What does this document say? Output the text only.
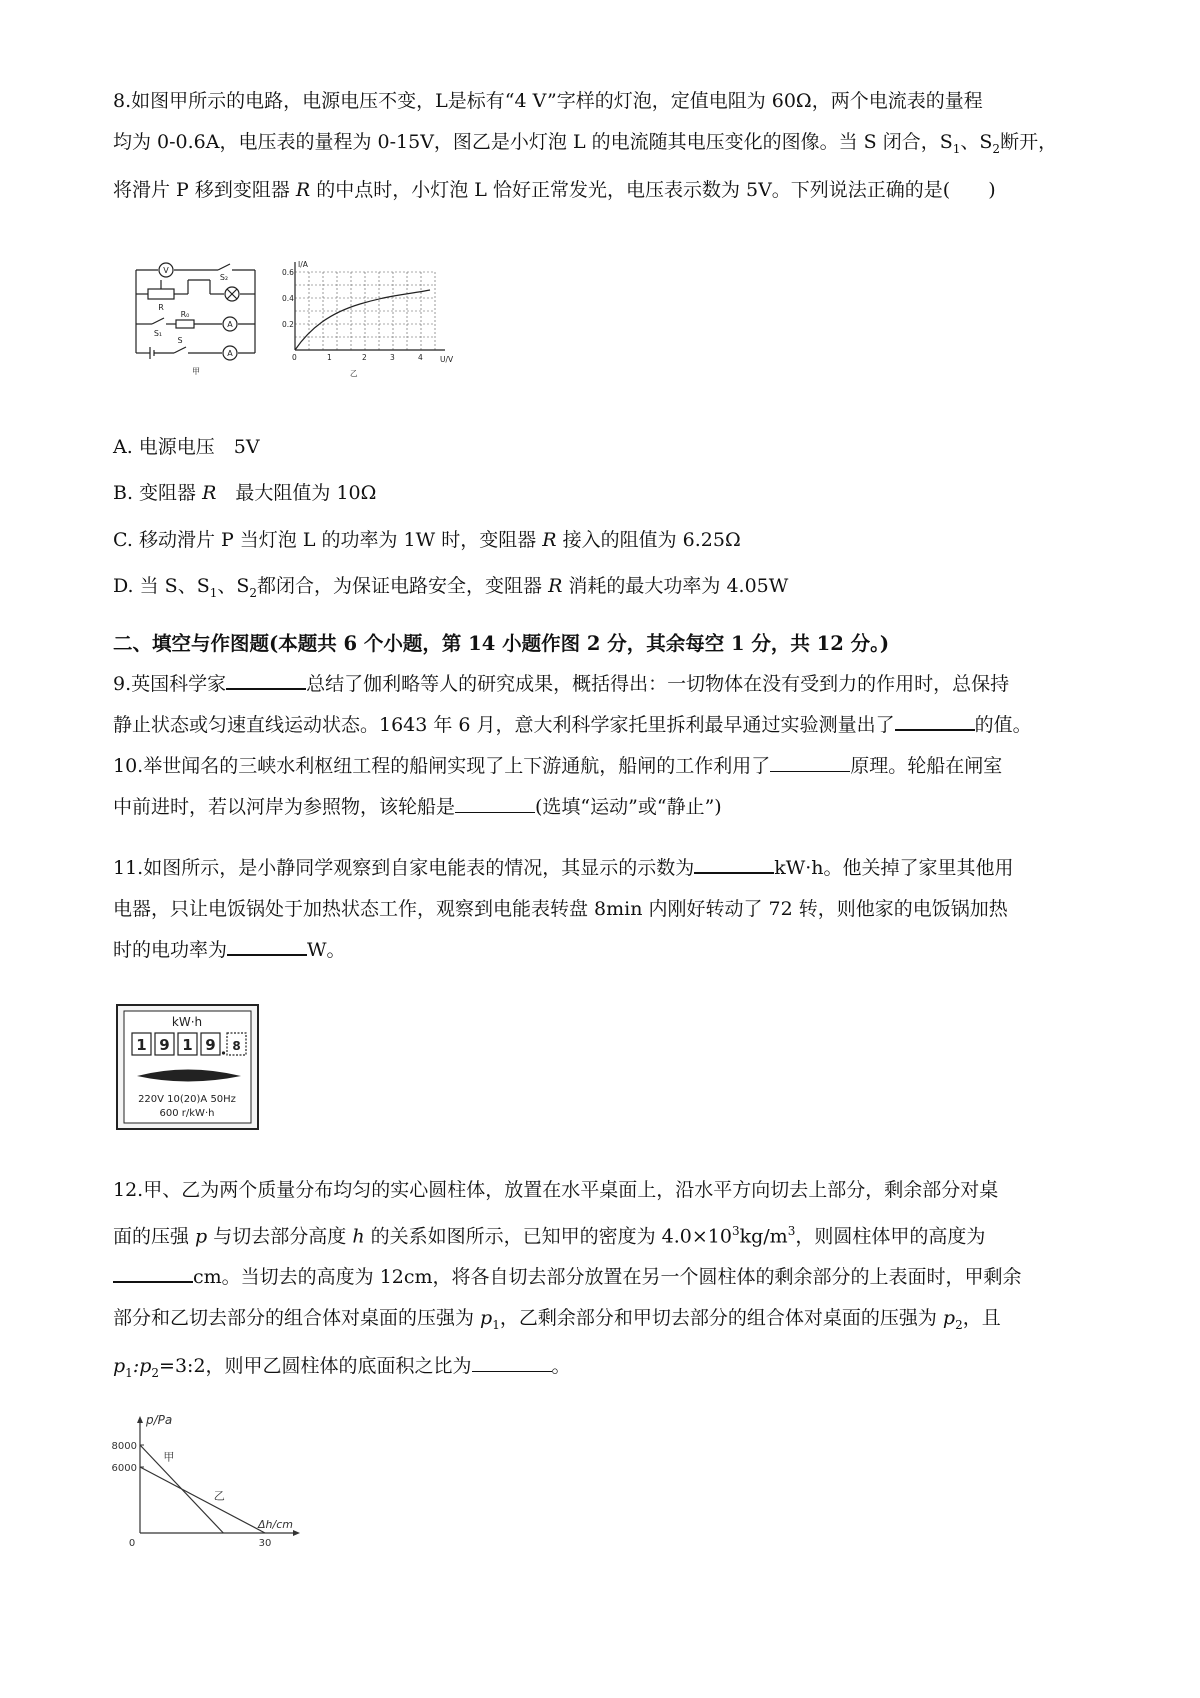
8.如图甲所示的电路，电源电压不变，L是标有“4 V”字样的灯泡，定值电阻为 60Ω，两个电流表的量程
均为 0-0.6A，电压表的量程为 0-15V，图乙是小灯泡 L 的电流随其电压变化的图像。当 S 闭合，$S_1$、$S_2$断开，
将滑片 P 移到变阻器 R 的中点时，小灯泡 L 恰好正常发光，电压表示数为 5V。下列说法正确的是(　　)
V
A
A
R
R₀
S₂
S₁
S
甲
I/A
U/V
0.6
0.4
0.2
0	1	2	3	4
乙
A. 电源电压　5V
B. 变阻器 R　最大阻值为 10Ω
C. 移动滑片 P 当灯泡 L 的功率为 1W 时，变阻器 R 接入的阻值为 6.25Ω
D. 当 S、$S_1$、$S_2$都闭合，为保证电路安全，变阻器 R 消耗的最大功率为 4.05W
二、填空与作图题(本题共 6 个小题，第 14 小题作图 2 分，其余每空 1 分，共 12 分。)
9.英国科学家	总结了伽利略等人的研究成果，概括得出：一切物体在没有受到力的作用时，总保持
静止状态或匀速直线运动状态。1643 年 6 月，意大利科学家托里拆利最早通过实验测量出了	的值。
10.举世闻名的三峡水利枢纽工程的船闸实现了上下游通航，船闸的工作利用了	原理。轮船在闸室
中前进时，若以河岸为参照物，该轮船是	(选填“运动”或“静止”)
11.如图所示，是小静同学观察到自家电能表的情况，其显示的示数为	kW·h。他关掉了家里其他用
电器，只让电饭锅处于加热状态工作，观察到电能表转盘 8min 内刚好转动了 72 转，则他家的电饭锅加热
时的电功率为	W。
kW·h
1 9 1 9 8
220V 10(20)A 50Hz
600 r/kW·h
12.甲、乙为两个质量分布均匀的实心圆柱体，放置在水平桌面上，沿水平方向切去上部分，剩余部分对桌
面的压强 p 与切去部分高度 h 的关系如图所示，已知甲的密度为 $4.0\times 10^3kg/m^3$，则圆柱体甲的高度为
cm。当切去的高度为 12cm，将各自切去部分放置在另一个圆柱体的剩余部分的上表面时，甲剩余
部分和乙切去部分的组合体对桌面的压强为 $p_1$，乙剩余部分和甲切去部分的组合体对桌面的压强为 $p_2$，且
$p_1:p_2=3:2$，则甲乙圆柱体的底面积之比为	。
p/Pa
Δh/cm
甲
乙
8000
6000
0	30
